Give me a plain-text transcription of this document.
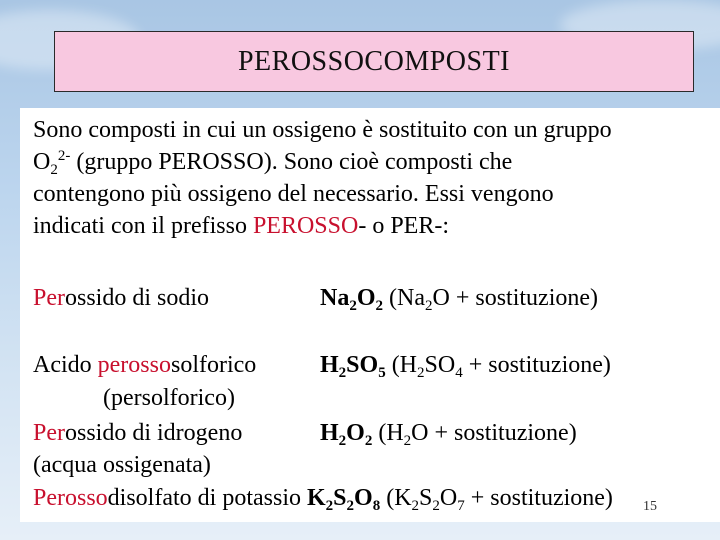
PEROSSOCOMPOSTI
Sono composti in cui un ossigeno è sostituito con un gruppo
$O_2^{2-}$ (gruppo PEROSSO). Sono cioè composti che
contengono più ossigeno del necessario. Essi vengono
indicati con il prefisso PEROSSO- o PER-:
Perossido di sodio	$Na_2O_2$ ($Na_2O$ + sostituzione)
Acido perossosolforico	$H_2SO_5$ ($H_2SO_4$ + sostituzione)
(persolforico)
Perossido di idrogeno	$H_2O_2$ ($H_2O$ + sostituzione)
(acqua ossigenata)
Perossodisolfato di potassio $K_2S_2O_8$ ($K_2S_2O_7$ + sostituzione) 15
